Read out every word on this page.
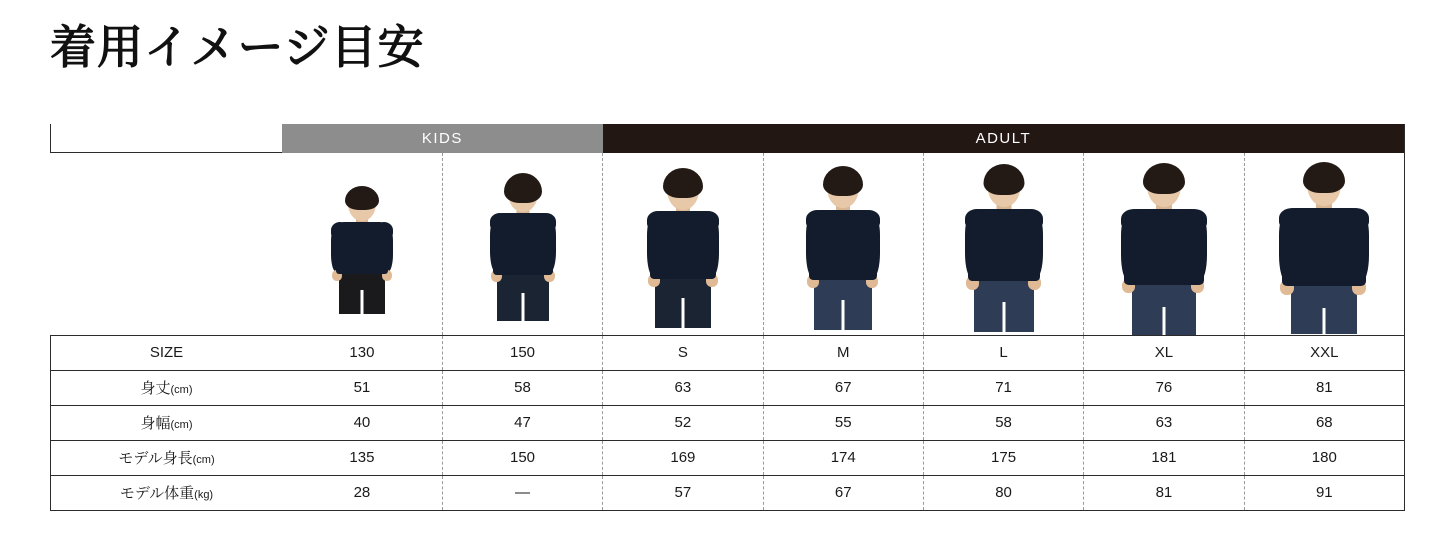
着用イメージ目安
	KIDS		ADULT				

SIZE	130	150	S	M	L	XL	XXL
身丈(cm)	51	58	63	67	71	76	81
身幅(cm)	40	47	52	55	58	63	68
モデル身長(cm)	135	150	169	174	175	181	180
モデル体重(kg)	28	—	57	67	80	81	91
